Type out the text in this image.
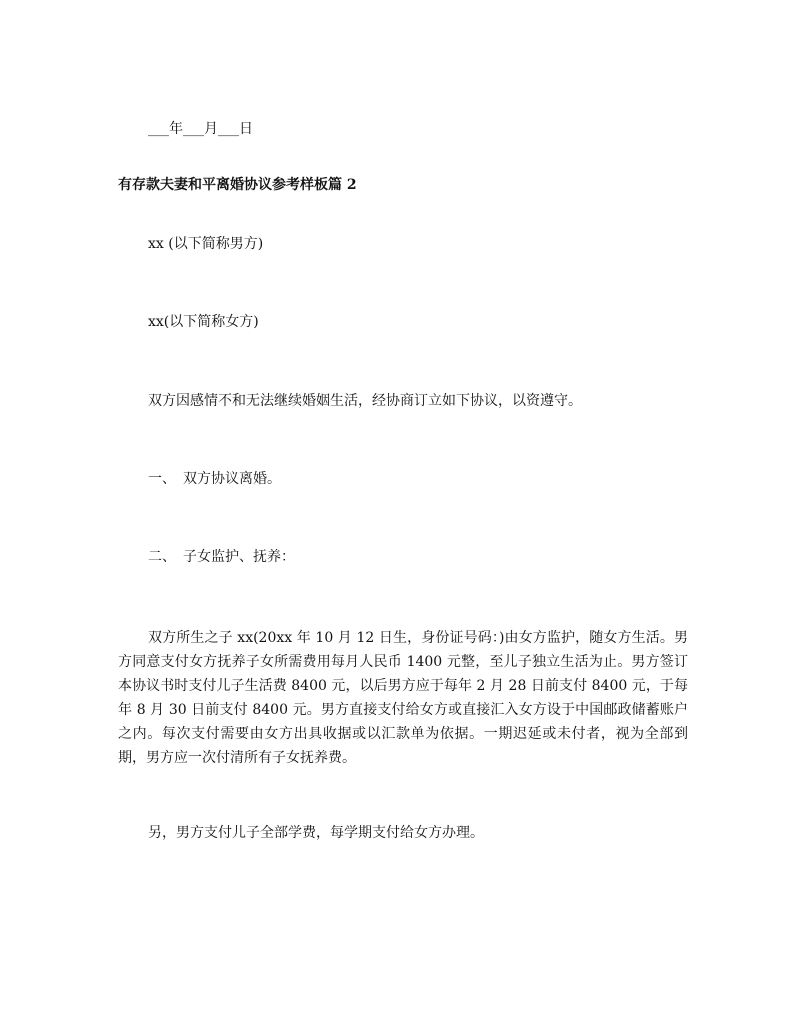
___年___月___日

有存款夫妻和平离婚协议参考样板篇 2

xx (以下简称男方)

xx(以下简称女方)

双方因感情不和无法继续婚姻生活，经协商订立如下协议，以资遵守。

一、　双方协议离婚。

二、　子女监护、抚养：

双方所生之子 xx(20xx 年 10 月 12 日生，身份证号码：)由女方监护，随女方生活。男方同意支付女方抚养子女所需费用每月人民币 1400 元整，至儿子独立生活为止。男方签订本协议书时支付儿子生活费 8400 元，以后男方应于每年 2 月 28 日前支付 8400 元，于每年 8 月 30 日前支付 8400 元。男方直接支付给女方或直接汇入女方设于中国邮政储蓄账户之内。每次支付需要由女方出具收据或以汇款单为依据。一期迟延或未付者，视为全部到期，男方应一次付清所有子女抚养费。

另，男方支付儿子全部学费，每学期支付给女方办理。
